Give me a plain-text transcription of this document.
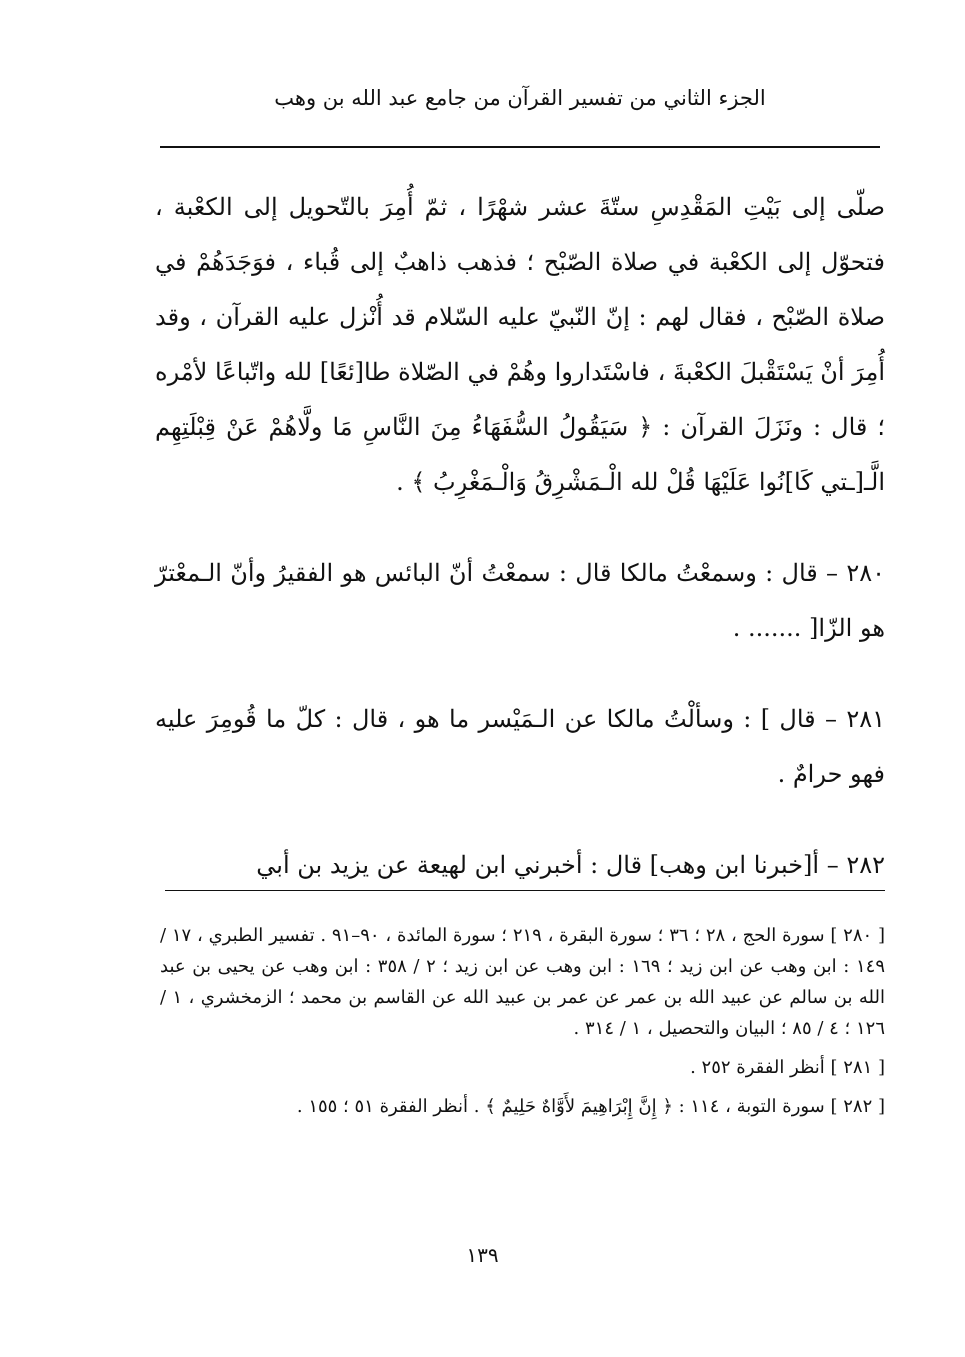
الجزء الثاني من تفسير القرآن من جامع عبد الله بن وهب

صلّى إلى بَيْتِ المَقْدِسِ ستّةَ عشر شهْرًا ، ثمّ أُمِرَ بالتّحويل إلى الكعْبة ، فتحوّل إلى الكعْبة في صلاة الصّبْح ؛ فذهب ذاهبٌ إلى قُباء ، فوَجَدَهُمْ في صلاة الصّبْح ، فقال لهم : إنّ النّبيّ عليه السّلام قد أُنْزل عليه القرآن ، وقد أُمِرَ أنْ يَسْتَقْبلَ الكعْبةَ ، فاسْتَداروا وهُمْ في الصّلاة طا[ئعًا] لله واتّباعًا لأمْره ؛ قال : ونَزَلَ القرآن : ﴿ سَيَقُولُ السُّفَهَاءُ مِنَ النَّاسِ مَا ولَّاهُمْ عَنْ قِبْلَتِهِم الَّـ[ـتي كَا]نُوا عَلَيْهَا قُلْ لله الْـمَشْرِقُ وَالْـمَغْرِبُ ﴾ .

٢٨٠ – قال : وسمعْتُ مالكا قال : سمعْتُ أنّ البائس هو الفقيرُ وأنّ الـمعْترّ هو الزّا[ ....... .

٢٨١ – قال ] : وسألْتُ مالكا عن الـمَيْسر ما هو ، قال : كلّ ما قُومِرَ عليه فهو حرامٌ .

٢٨٢ – أ[خبرنا ابن وهب] قال : أخبرني ابن لهيعة عن يزيد بن أبي

[ ٢٨٠ ] سورة الحج ، ٢٨ ؛ ٣٦ ؛ سورة البقرة ، ٢١٩ ؛ سورة المائدة ، ٩٠–٩١ . تفسير الطبري ، ١٧ / ١٤٩ : ابن وهب عن ابن زيد ؛ ١٦٩ : ابن وهب عن ابن زيد ؛ ٢ / ٣٥٨ : ابن وهب عن يحيى بن عبد الله بن سالم عن عبيد الله بن عمر عن عمر بن عبيد الله عن القاسم بن محمد ؛ الزمخشري ، ١ / ١٢٦ ؛ ٤ / ٨٥ ؛ البيان والتحصيل ، ١ / ٣١٤ .

[ ٢٨١ ] أنظر الفقرة ٢٥٢ .

[ ٢٨٢ ] سورة التوبة ، ١١٤ : ﴿ إِنَّ إِبْرَاهِيمَ لأَوَّاهٌ حَلِيمٌ ﴾ . أنظر الفقرة ٥١ ؛ ١٥٥ .

١٣٩
